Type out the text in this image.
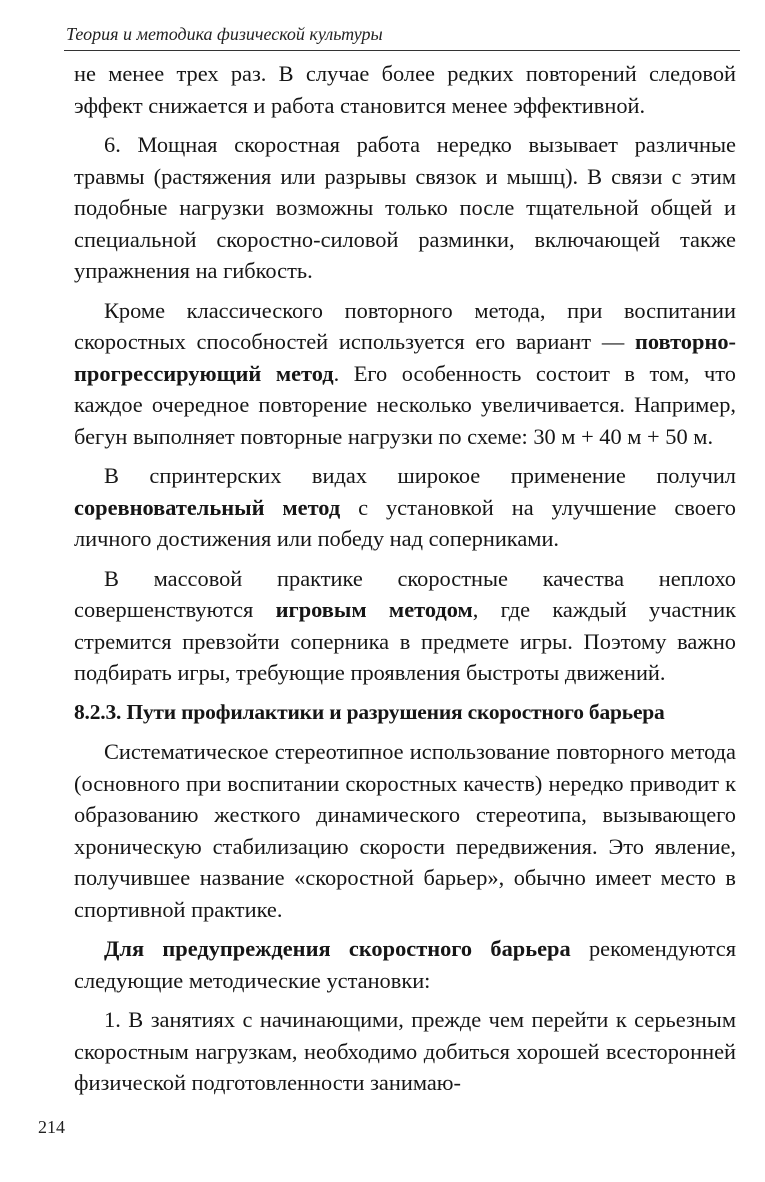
Теория и методика физической культуры

не менее трех раз. В случае более редких повторений следовой эффект снижается и работа становится менее эффективной.

6. Мощная скоростная работа нередко вызывает различные травмы (растяжения или разрывы связок и мышц). В связи с этим подобные нагрузки возможны только после тщательной общей и специальной скоростно-силовой разминки, включающей также упражнения на гибкость.

Кроме классического повторного метода, при воспитании скоростных способностей используется его вариант — повторно-прогрессирующий метод. Его особенность состоит в том, что каждое очередное повторение несколько увеличивается. Например, бегун выполняет повторные нагрузки по схеме: 30 м + 40 м + 50 м.

В спринтерских видах широкое применение получил соревновательный метод с установкой на улучшение своего личного достижения или победу над соперниками.

В массовой практике скоростные качества неплохо совершенствуются игровым методом, где каждый участник стремится превзойти соперника в предмете игры. Поэтому важно подбирать игры, требующие проявления быстроты движений.

8.2.3. Пути профилактики и разрушения скоростного барьера

Систематическое стереотипное использование повторного метода (основного при воспитании скоростных качеств) нередко приводит к образованию жесткого динамического стереотипа, вызывающего хроническую стабилизацию скорости передвижения. Это явление, получившее название «скоростной барьер», обычно имеет место в спортивной практике.

Для предупреждения скоростного барьера рекомендуются следующие методические установки:

1. В занятиях с начинающими, прежде чем перейти к серьезным скоростным нагрузкам, необходимо добиться хорошей всесторонней физической подготовленности занимаю-

214
